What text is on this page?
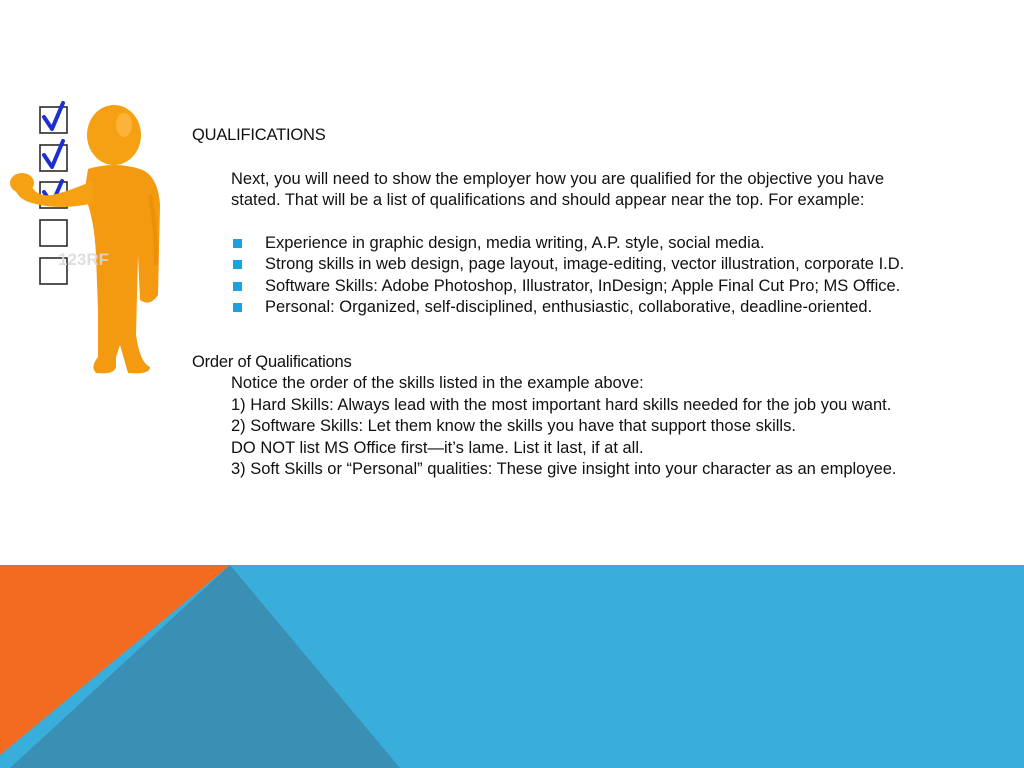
123RF
QUALIFICATIONS
Next, you will need to show the employer how you are qualified for the objective you have
stated. That will be a list of qualifications and should appear near the top. For example:
Experience in graphic design, media writing, A.P. style, social media.
Strong skills in web design, page layout, image-editing, vector illustration, corporate I.D.
Software Skills: Adobe Photoshop, Illustrator, InDesign; Apple Final Cut Pro; MS Office.
Personal: Organized, self-disciplined, enthusiastic, collaborative, deadline-oriented.
Order of Qualifications
Notice the order of the skills listed in the example above:
1) Hard Skills: Always lead with the most important hard skills needed for the job you want.
2) Software Skills: Let them know the skills you have that support those skills.
DO NOT list MS Office first—it’s lame. List it last, if at all.
3) Soft Skills or “Personal” qualities: These give insight into your character as an employee.
